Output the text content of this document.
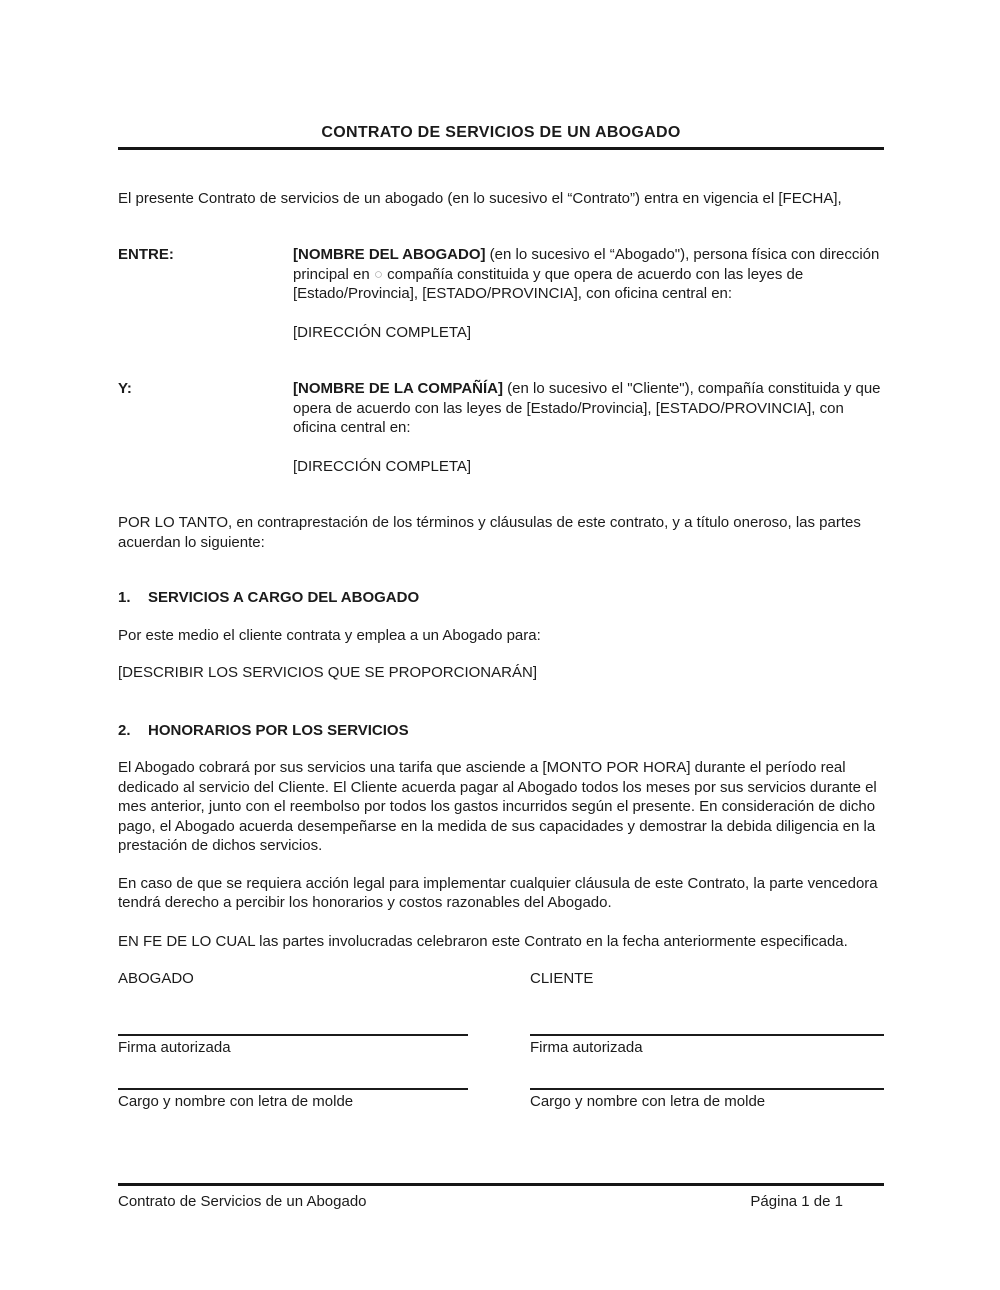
CONTRATO DE SERVICIOS DE UN ABOGADO

El presente Contrato de servicios de un abogado (en lo sucesivo el “Contrato”) entra en vigencia el [FECHA],

ENTRE:	[NOMBRE DEL ABOGADO] (en lo sucesivo el “Abogado"), persona física con dirección principal en ○ compañía constituida y que opera de acuerdo con las leyes de [Estado/Provincia], [ESTADO/PROVINCIA], con oficina central en:

[DIRECCIÓN COMPLETA]

Y:	[NOMBRE DE LA COMPAÑÍA] (en lo sucesivo el "Cliente"), compañía constituida y que opera de acuerdo con las leyes de [Estado/Provincia], [ESTADO/PROVINCIA], con oficina central en:

[DIRECCIÓN COMPLETA]

POR LO TANTO, en contraprestación de los términos y cláusulas de este contrato, y a título oneroso, las partes acuerdan lo siguiente:

1.	SERVICIOS A CARGO DEL ABOGADO

Por este medio el cliente contrata y emplea a un Abogado para:

[DESCRIBIR LOS SERVICIOS QUE SE PROPORCIONARÁN]

2.	HONORARIOS POR LOS SERVICIOS

El Abogado cobrará por sus servicios una tarifa que asciende a [MONTO POR HORA] durante el período real dedicado al servicio del Cliente. El Cliente acuerda pagar al Abogado todos los meses por sus servicios durante el mes anterior, junto con el reembolso por todos los gastos incurridos según el presente. En consideración de dicho pago, el Abogado acuerda desempeñarse en la medida de sus capacidades y demostrar la debida diligencia en la prestación de dichos servicios.

En caso de que se requiera acción legal para implementar cualquier cláusula de este Contrato, la parte vencedora tendrá derecho a percibir los honorarios y costos razonables del Abogado.

EN FE DE LO CUAL las partes involucradas celebraron este Contrato en la fecha anteriormente especificada.

ABOGADO	CLIENTE
Firma autorizada	Firma autorizada
Cargo y nombre con letra de molde	Cargo y nombre con letra de molde
Contrato de Servicios de un Abogado	Página 1 de 1
